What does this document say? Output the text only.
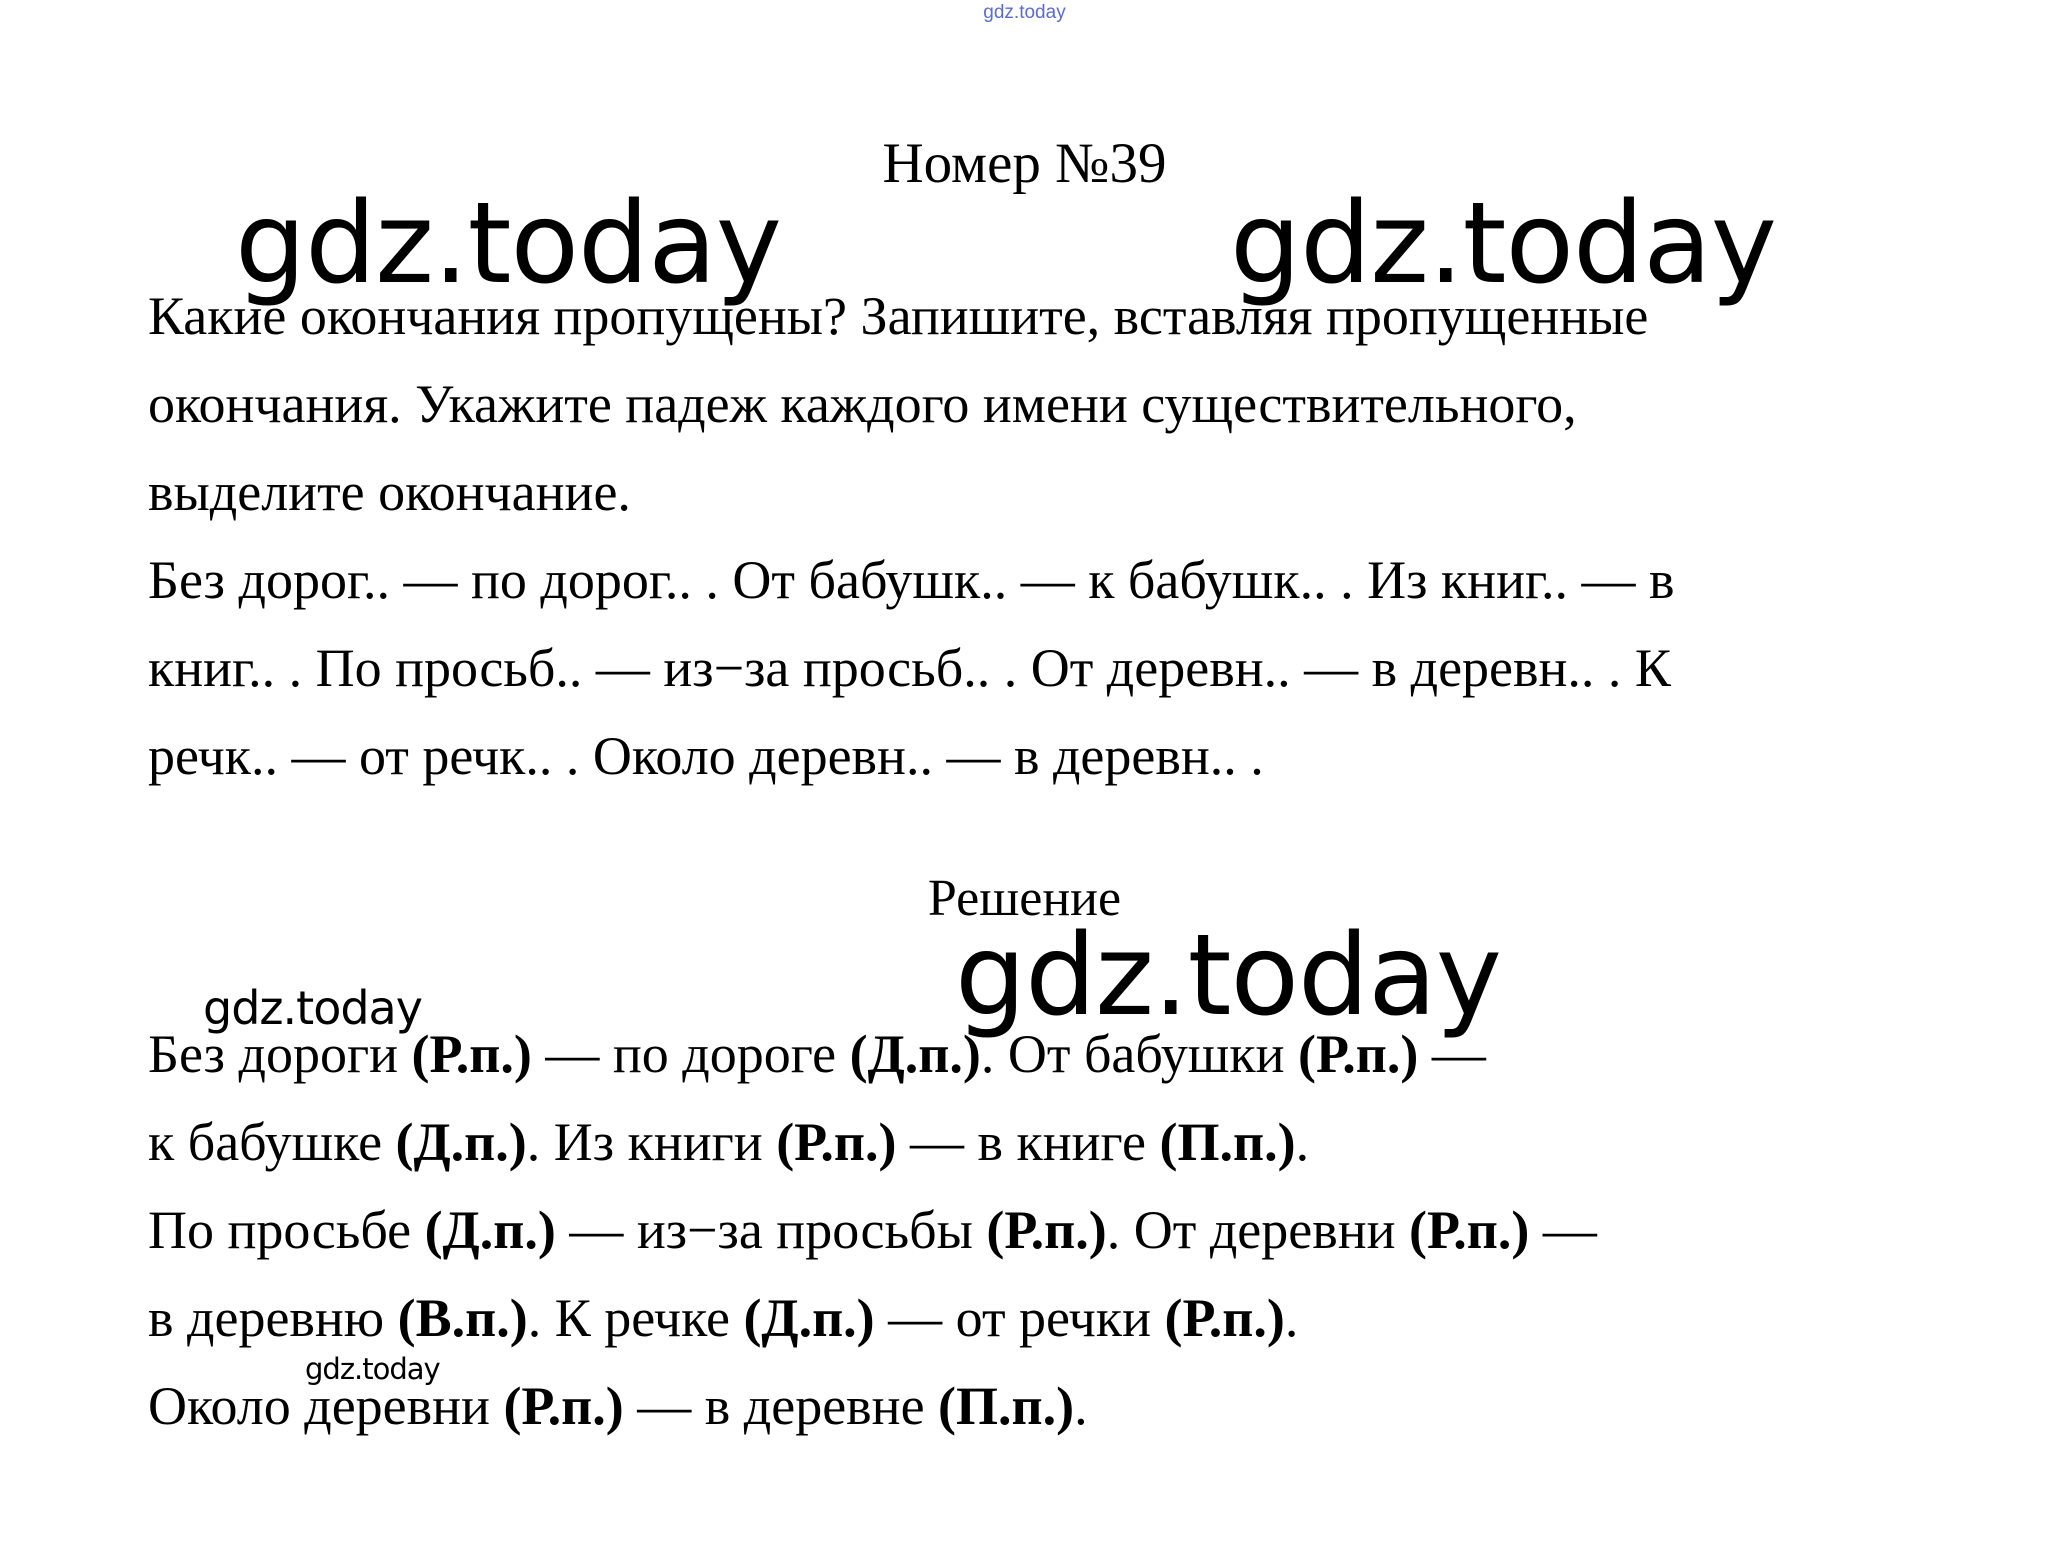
gdz.today
Номер №39
gdz.today	gdz.today

Какие окончания пропущены? Запишите, вставляя пропущенные

окончания. Укажите падеж каждого имени существительного,

выделите окончание.

Без дорог.. — по дорог.. . От бабушк.. — к бабушк.. . Из книг.. — в

книг.. . По просьб.. — из−за просьб.. . От деревн.. — в деревн.. . К

речк.. — от речк.. . Около деревн.. — в деревн.. .

Решение
gdz.today
gdz.today
gdz.today

Без дороги (Р.п.) — по дороге (Д.п.). От бабушки (Р.п.) —

к бабушке (Д.п.). Из книги (Р.п.) — в книге (П.п.).

По просьбе (Д.п.) — из−за просьбы (Р.п.). От деревни (Р.п.) —

в деревню (В.п.). К речке (Д.п.) — от речки (Р.п.).

Около деревни (Р.п.) — в деревне (П.п.).
